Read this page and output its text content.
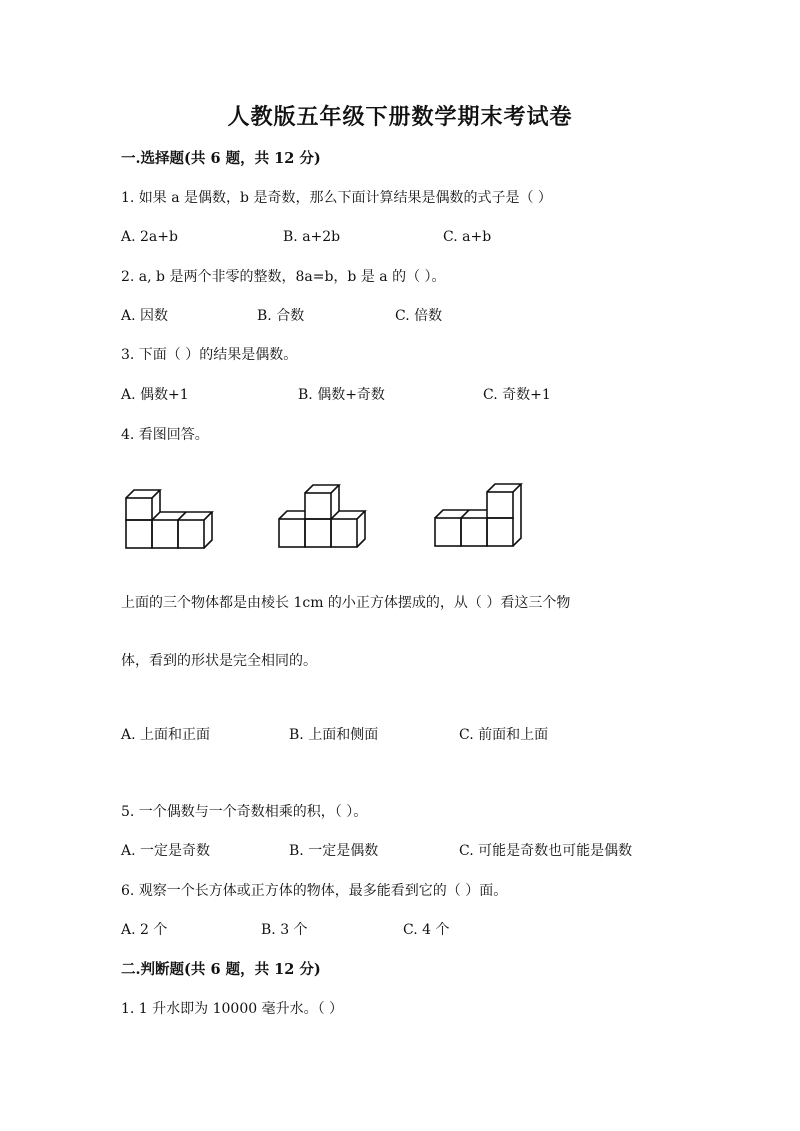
人教版五年级下册数学期末考试卷
一.选择题(共 6 题，共 12 分)
1. 如果 a 是偶数，b 是奇数，那么下面计算结果是偶数的式子是（ ）
A. 2a+b	B. a+2b	C. a+b
2. a, b 是两个非零的整数，8a=b，b 是 a 的（ ）。
A. 因数	B. 合数	C. 倍数
3. 下面（ ）的结果是偶数。
A. 偶数+1	B. 偶数+奇数	C. 奇数+1
4. 看图回答。
上面的三个物体都是由棱长 1cm 的小正方体摆成的，从（ ）看这三个物
体，看到的形状是完全相同的。
A. 上面和正面	B. 上面和侧面	C. 前面和上面
5. 一个偶数与一个奇数相乘的积，（ ）。
A. 一定是奇数	B. 一定是偶数	C. 可能是奇数也可能是偶数
6. 观察一个长方体或正方体的物体，最多能看到它的（ ）面。
A. 2 个	B. 3 个	C. 4 个
二.判断题(共 6 题，共 12 分)
1. 1 升水即为 10000 毫升水。（ ）
